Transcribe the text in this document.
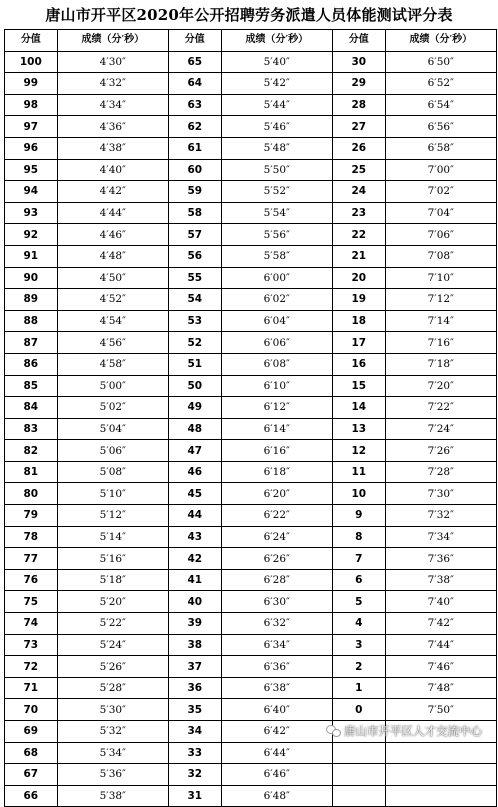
唐山市开平区2020年公开招聘劳务派遣人员体能测试评分表
分值	成绩（分′秒）	分值	成绩（分′秒）	分值	成绩（分′秒）
100	4′30″	65	5′40″	30	6′50″
99	4′32″	64	5′42″	29	6′52″
98	4′34″	63	5′44″	28	6′54″
97	4′36″	62	5′46″	27	6′56″
96	4′38″	61	5′48″	26	6′58″
95	4′40″	60	5′50″	25	7′00″
94	4′42″	59	5′52″	24	7′02″
93	4′44″	58	5′54″	23	7′04″
92	4′46″	57	5′56″	22	7′06″
91	4′48″	56	5′58″	21	7′08″
90	4′50″	55	6′00″	20	7′10″
89	4′52″	54	6′02″	19	7′12″
88	4′54″	53	6′04″	18	7′14″
87	4′56″	52	6′06″	17	7′16″
86	4′58″	51	6′08″	16	7′18″
85	5′00″	50	6′10″	15	7′20″
84	5′02″	49	6′12″	14	7′22″
83	5′04″	48	6′14″	13	7′24″
82	5′06″	47	6′16″	12	7′26″
81	5′08″	46	6′18″	11	7′28″
80	5′10″	45	6′20″	10	7′30″
79	5′12″	44	6′22″	9	7′32″
78	5′14″	43	6′24″	8	7′34″
77	5′16″	42	6′26″	7	7′36″
76	5′18″	41	6′28″	6	7′38″
75	5′20″	40	6′30″	5	7′40″
74	5′22″	39	6′32″	4	7′42″
73	5′24″	38	6′34″	3	7′44″
72	5′26″	37	6′36″	2	7′46″
71	5′28″	36	6′38″	1	7′48″
70	5′30″	35	6′40″	0	7′50″
69	5′32″	34	6′42″		
68	5′34″	33	6′44″		
67	5′36″	32	6′46″		
66	5′38″	31	6′48″		
唐山市开平区人才交流中心
